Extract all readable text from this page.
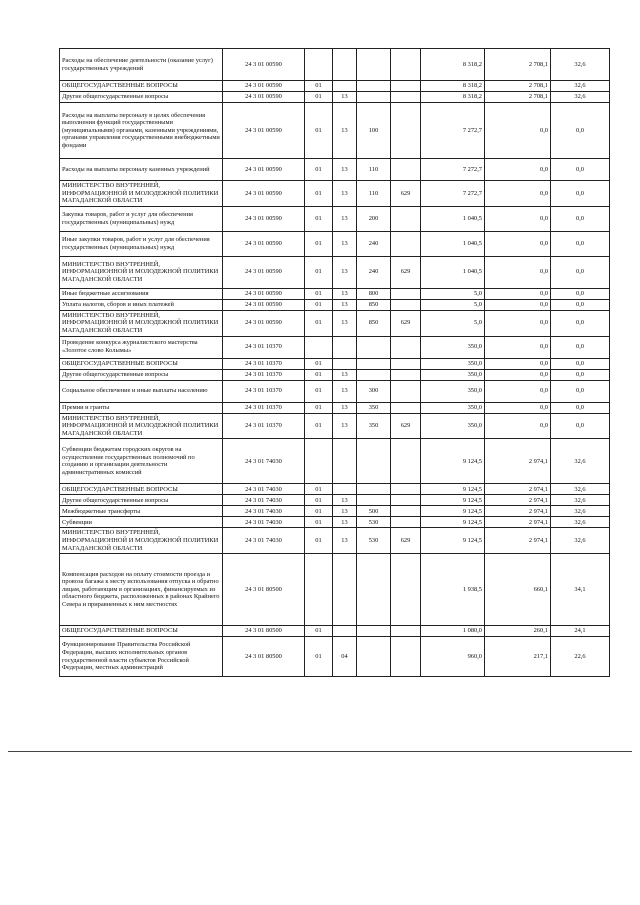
Расходы на обеспечение деятельности (оказание услуг) государственных учреждений	24 3 01 00590					8 318,2	2 708,1	32,6
ОБЩЕГОСУДАРСТВЕННЫЕ ВОПРОСЫ	24 3 01 00590	01				8 318,2	2 708,1	32,6
Другие общегосударственные вопросы	24 3 01 00590	01	13			8 318,2	2 708,1	32,6
Расходы на выплаты персоналу в целях обеспечения выполнения функций государственными (муниципальными) органами, казенными учреждениями, органами управления государственными внебюджетными фондами	24 3 01 00590	01	13	100		7 272,7	0,0	0,0
Расходы на выплаты персоналу казенных учреждений	24 3 01 00590	01	13	110		7 272,7	0,0	0,0
МИНИСТЕРСТВО ВНУТРЕННЕЙ, ИНФОРМАЦИОННОЙ И МОЛОДЕЖНОЙ ПОЛИТИКИ МАГАДАНСКОЙ ОБЛАСТИ	24 3 01 00590	01	13	110	629	7 272,7	0,0	0,0
Закупка товаров, работ и услуг для обеспечения государственных (муниципальных) нужд	24 3 01 00590	01	13	200		1 040,5	0,0	0,0
Иные закупки товаров, работ и услуг для обеспечения государственных (муниципальных) нужд	24 3 01 00590	01	13	240		1 040,5	0,0	0,0
МИНИСТЕРСТВО ВНУТРЕННЕЙ, ИНФОРМАЦИОННОЙ И МОЛОДЕЖНОЙ ПОЛИТИКИ МАГАДАНСКОЙ ОБЛАСТИ	24 3 01 00590	01	13	240	629	1 040,5	0,0	0,0
Иные бюджетные ассигнования	24 3 01 00590	01	13	800		5,0	0,0	0,0
Уплата налогов, сборов и иных платежей	24 3 01 00590	01	13	850		5,0	0,0	0,0
МИНИСТЕРСТВО ВНУТРЕННЕЙ, ИНФОРМАЦИОННОЙ И МОЛОДЕЖНОЙ ПОЛИТИКИ МАГАДАНСКОЙ ОБЛАСТИ	24 3 01 00590	01	13	850	629	5,0	0,0	0,0
Проведение конкурса журналистского мастерства «Золотое слово Колымы»	24 3 01 10370					350,0	0,0	0,0
ОБЩЕГОСУДАРСТВЕННЫЕ ВОПРОСЫ	24 3 01 10370	01				350,0	0,0	0,0
Другие общегосударственные вопросы	24 3 01 10370	01	13			350,0	0,0	0,0
Социальное обеспечение и иные выплаты населению	24 3 01 10370	01	13	300		350,0	0,0	0,0
Премии и гранты	24 3 01 10370	01	13	350		350,0	0,0	0,0
МИНИСТЕРСТВО ВНУТРЕННЕЙ, ИНФОРМАЦИОННОЙ И МОЛОДЕЖНОЙ ПОЛИТИКИ МАГАДАНСКОЙ ОБЛАСТИ	24 3 01 10370	01	13	350	629	350,0	0,0	0,0
Субвенции бюджетам городских округов на осуществление государственных полномочий по созданию и организации деятельности административных комиссий	24 3 01 74030					9 124,5	2 974,1	32,6
ОБЩЕГОСУДАРСТВЕННЫЕ ВОПРОСЫ	24 3 01 74030	01				9 124,5	2 974,1	32,6
Другие общегосударственные вопросы	24 3 01 74030	01	13			9 124,5	2 974,1	32,6
Межбюджетные трансферты	24 3 01 74030	01	13	500		9 124,5	2 974,1	32,6
Субвенции	24 3 01 74030	01	13	530		9 124,5	2 974,1	32,6
МИНИСТЕРСТВО ВНУТРЕННЕЙ, ИНФОРМАЦИОННОЙ И МОЛОДЕЖНОЙ ПОЛИТИКИ МАГАДАНСКОЙ ОБЛАСТИ	24 3 01 74030	01	13	530	629	9 124,5	2 974,1	32,6
Компенсация расходов на оплату стоимости проезда и провоза багажа к месту использования отпуска и обратно лицам, работающим в организациях, финансируемых из областного бюджета, расположенных в районах Крайнего Севера и приравненных к ним местностях	24 3 01 80500					1 938,5	660,1	34,1
ОБЩЕГОСУДАРСТВЕННЫЕ ВОПРОСЫ	24 3 01 80500	01				1 080,0	260,1	24,1
Функционирование Правительства Российской Федерации, высших исполнительных органов государственной власти субъектов Российской Федерации, местных администраций	24 3 01 80500	01	04			960,0	217,1	22,6
